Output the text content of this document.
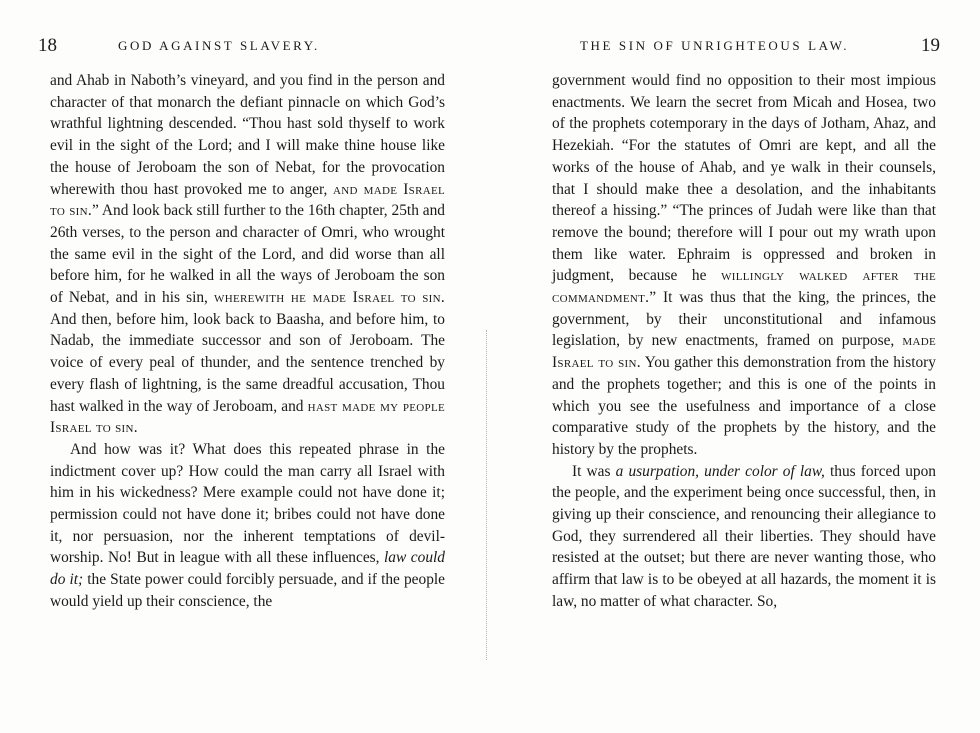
18	GOD AGAINST SLAVERY.

and Ahab in Naboth’s vineyard, and you find in the person and character of that monarch the defiant pinnacle on which God’s wrathful lightning descended. “Thou hast sold thyself to work evil in the sight of the Lord; and I will make thine house like the house of Jeroboam the son of Nebat, for the provocation wherewith thou hast provoked me to anger, and made Israel to sin.” And look back still further to the 16th chapter, 25th and 26th verses, to the person and character of Omri, who wrought the same evil in the sight of the Lord, and did worse than all before him, for he walked in all the ways of Jeroboam the son of Nebat, and in his sin, wherewith he made Israel to sin. And then, before him, look back to Baasha, and before him, to Nadab, the immediate successor and son of Jeroboam. The voice of every peal of thunder, and the sentence trenched by every flash of lightning, is the same dreadful accusation, Thou hast walked in the way of Jeroboam, and hast made my people Israel to sin.

And how was it? What does this repeated phrase in the indictment cover up? How could the man carry all Israel with him in his wickedness? Mere example could not have done it; permission could not have done it; bribes could not have done it, nor persuasion, nor the inherent temptations of devil-worship. No! But in league with all these influences, law could do it; the State power could forcibly persuade, and if the people would yield up their conscience, the

THE SIN OF UNRIGHTEOUS LAW.	19

government would find no opposition to their most impious enactments. We learn the secret from Micah and Hosea, two of the prophets cotemporary in the days of Jotham, Ahaz, and Hezekiah. “For the statutes of Omri are kept, and all the works of the house of Ahab, and ye walk in their counsels, that I should make thee a desolation, and the inhabitants thereof a hissing.” “The princes of Judah were like than that remove the bound; therefore will I pour out my wrath upon them like water. Ephraim is oppressed and broken in judgment, because he willingly walked after the commandment.” It was thus that the king, the princes, the government, by their unconstitutional and infamous legislation, by new enactments, framed on purpose, made Israel to sin. You gather this demonstration from the history and the prophets together; and this is one of the points in which you see the usefulness and importance of a close comparative study of the prophets by the history, and the history by the prophets.

It was a usurpation, under color of law, thus forced upon the people, and the experiment being once successful, then, in giving up their conscience, and renouncing their allegiance to God, they surrendered all their liberties. They should have resisted at the outset; but there are never wanting those, who affirm that law is to be obeyed at all hazards, the moment it is law, no matter of what character. So,
